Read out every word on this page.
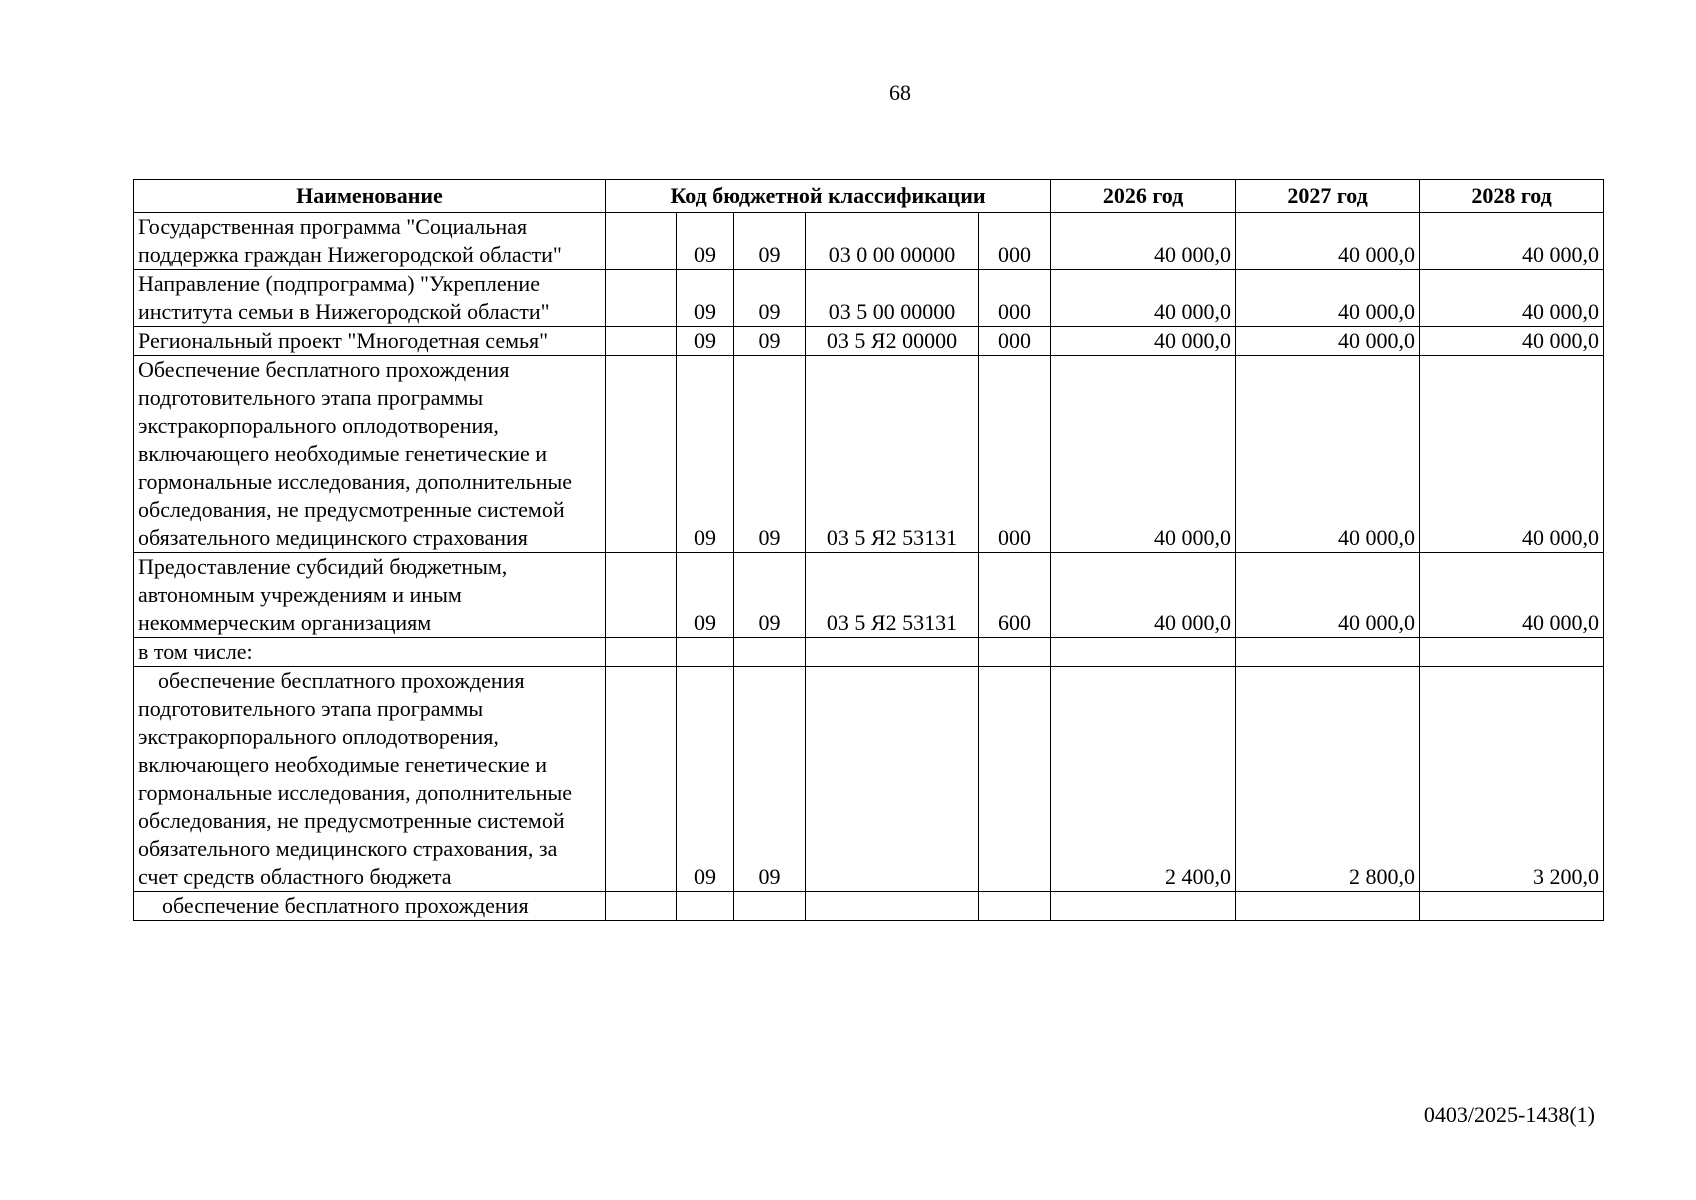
68
Наименование	Код бюджетной классификации					2026 год	2027 год	2028 год
Государственная программа "Социальная поддержка граждан Нижегородской области"		09	09	03 0 00 00000	000	40 000,0	40 000,0	40 000,0
Направление (подпрограмма) "Укрепление института семьи в Нижегородской области"		09	09	03 5 00 00000	000	40 000,0	40 000,0	40 000,0
Региональный проект "Многодетная семья"		09	09	03 5 Я2 00000	000	40 000,0	40 000,0	40 000,0
Обеспечение бесплатного прохождения подготовительного этапа программы экстракорпорального оплодотворения, включающего необходимые генетические и гормональные исследования, дополнительные обследования, не предусмотренные системой обязательного медицинского страхования		09	09	03 5 Я2 53131	000	40 000,0	40 000,0	40 000,0
Предоставление субсидий бюджетным, автономным учреждениям и иным некоммерческим организациям		09	09	03 5 Я2 53131	600	40 000,0	40 000,0	40 000,0
в том числе:								
обеспечение бесплатного прохождения подготовительного этапа программы экстракорпорального оплодотворения, включающего необходимые генетические и гормональные исследования, дополнительные обследования, не предусмотренные системой обязательного медицинского страхования, за счет средств областного бюджета		09	09			2 400,0	2 800,0	3 200,0
обеспечение бесплатного прохождения								
0403/2025-1438(1)
